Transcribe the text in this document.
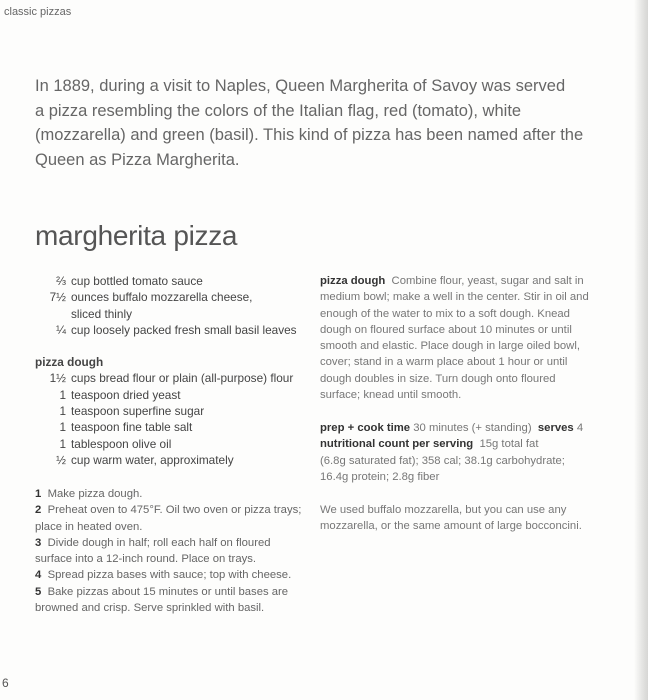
classic pizzas
In 1889, during a visit to Naples, Queen Margherita of Savoy was served
a pizza resembling the colors of the Italian flag, red (tomato), white
(mozzarella) and green (basil). This kind of pizza has been named after the
Queen as Pizza Margherita.
margherita pizza
⅔ cup bottled tomato sauce
7½ ounces buffalo mozzarella cheese,
sliced thinly
¼ cup loosely packed fresh small basil leaves
pizza dough
1½ cups bread flour or plain (all-purpose) flour
1 teaspoon dried yeast
1 teaspoon superfine sugar
1 teaspoon fine table salt
1 tablespoon olive oil
½ cup warm water, approximately
1 Make pizza dough.
2 Preheat oven to 475°F. Oil two oven or pizza trays;
place in heated oven.
3 Divide dough in half; roll each half on floured
surface into a 12-inch round. Place on trays.
4 Spread pizza bases with sauce; top with cheese.
5 Bake pizzas about 15 minutes or until bases are
browned and crisp. Serve sprinkled with basil.
pizza dough Combine flour, yeast, sugar and salt in
medium bowl; make a well in the center. Stir in oil and
enough of the water to mix to a soft dough. Knead
dough on floured surface about 10 minutes or until
smooth and elastic. Place dough in large oiled bowl,
cover; stand in a warm place about 1 hour or until
dough doubles in size. Turn dough onto floured
surface; knead until smooth.
prep + cook time 30 minutes (+ standing) serves 4
nutritional count per serving 15g total fat
(6.8g saturated fat); 358 cal; 38.1g carbohydrate;
16.4g protein; 2.8g fiber
We used buffalo mozzarella, but you can use any
mozzarella, or the same amount of large bocconcini.
6
